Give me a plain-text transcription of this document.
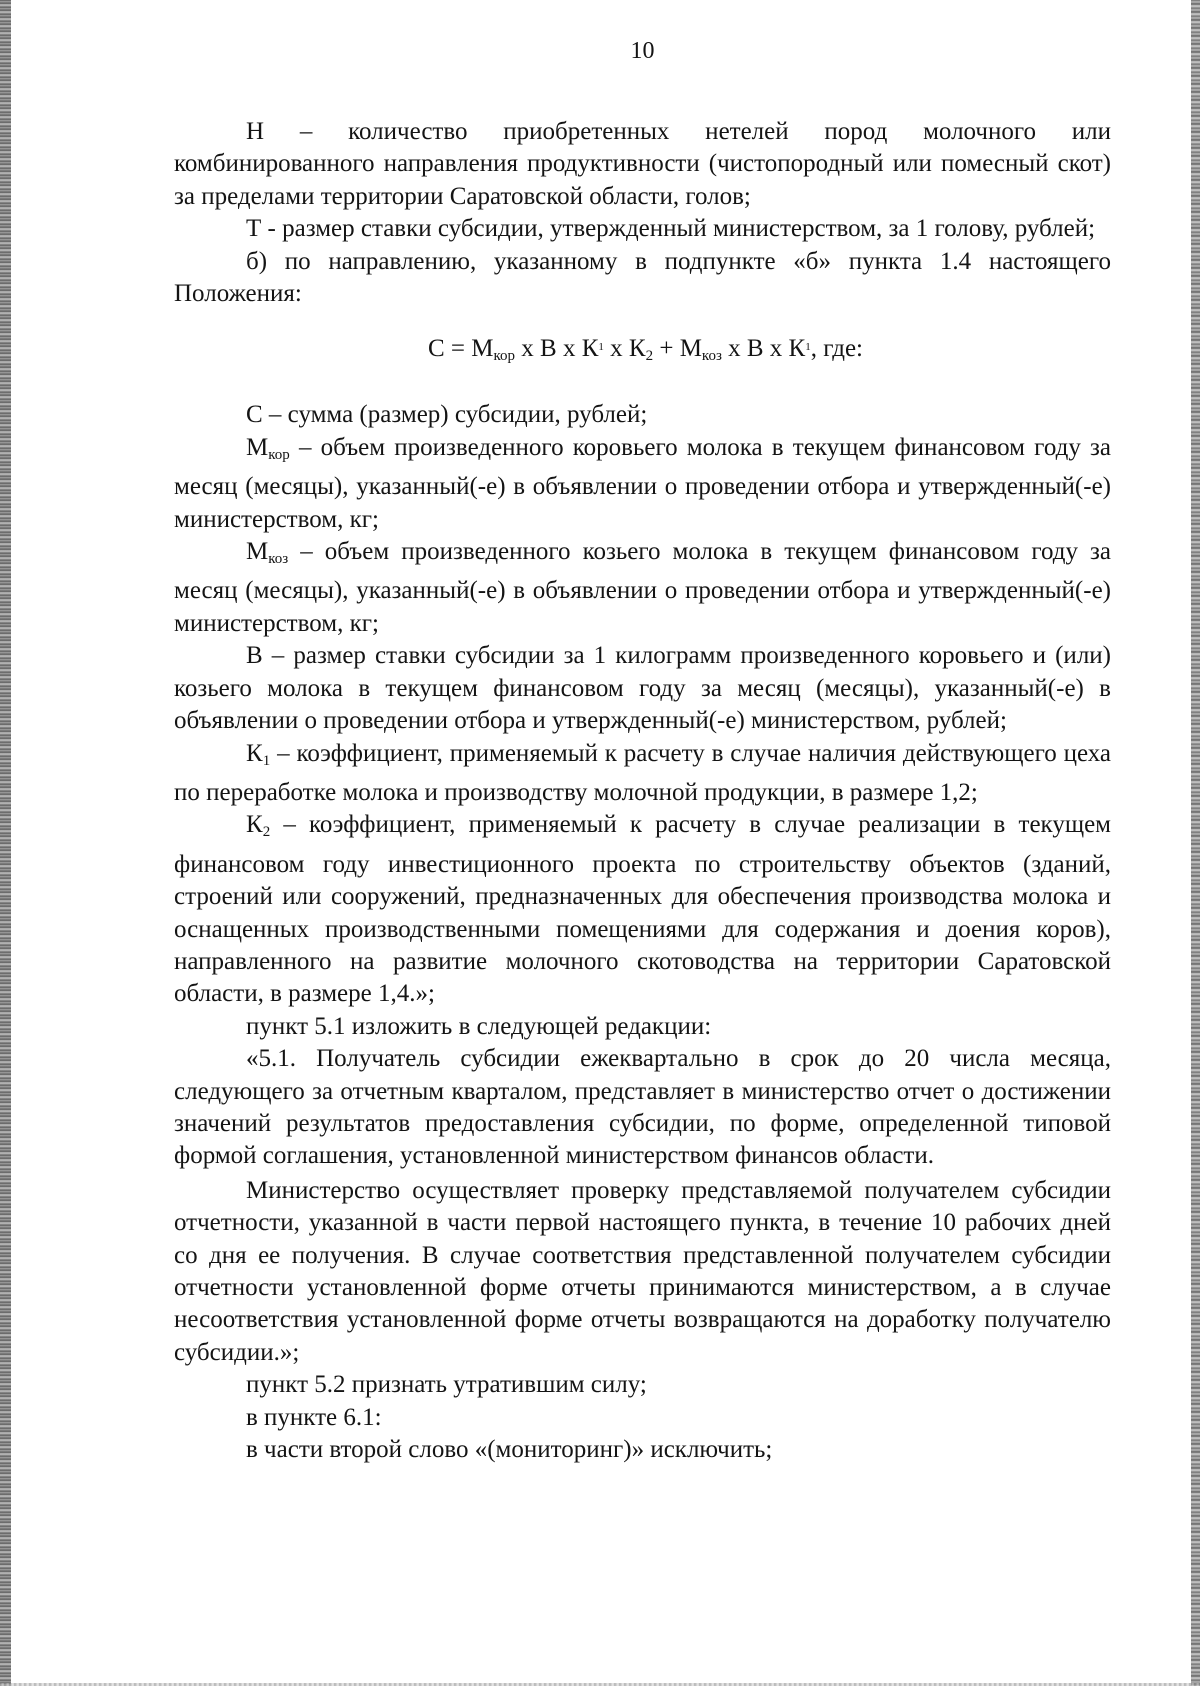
10

Н – количество приобретенных нетелей пород молочного или комбинированного направления продуктивности (чистопородный или помесный скот) за пределами территории Саратовской области, голов;

Т - размер ставки субсидии, утвержденный министерством, за 1 голову, рублей;

б) по направлению, указанному в подпункте «б» пункта 1.4 настоящего Положения:

С = Мкор х В х $К^1$ х К2 + Мкоз х В х $К^1$, где:

С – сумма (размер) субсидии, рублей;

Мкор – объем произведенного коровьего молока в текущем финансовом году за месяц (месяцы), указанный(-е) в объявлении о проведении отбора и утвержденный(-е) министерством, кг;

Мкоз – объем произведенного козьего молока в текущем финансовом году за месяц (месяцы), указанный(-е) в объявлении о проведении отбора и утвержденный(-е) министерством, кг;

В – размер ставки субсидии за 1 килограмм произведенного коровьего и (или) козьего молока в текущем финансовом году за месяц (месяцы), указанный(-е) в объявлении о проведении отбора и утвержденный(-е) министерством, рублей;

К1 – коэффициент, применяемый к расчету в случае наличия действующего цеха по переработке молока и производству молочной продукции, в размере 1,2;

К2 – коэффициент, применяемый к расчету в случае реализации в текущем финансовом году инвестиционного проекта по строительству объектов (зданий, строений или сооружений, предназначенных для обеспечения производства молока и оснащенных производственными помещениями для содержания и доения коров), направленного на развитие молочного скотоводства на территории Саратовской области, в размере 1,4.»;

пункт 5.1 изложить в следующей редакции:

«5.1. Получатель субсидии ежеквартально в срок до 20 числа месяца, следующего за отчетным кварталом, представляет в министерство отчет о достижении значений результатов предоставления субсидии, по форме, определенной типовой формой соглашения, установленной министерством финансов области.

Министерство осуществляет проверку представляемой получателем субсидии отчетности, указанной в части первой настоящего пункта, в течение 10 рабочих дней со дня ее получения. В случае соответствия представленной получателем субсидии отчетности установленной форме отчеты принимаются министерством, а в случае несоответствия установленной форме отчеты возвращаются на доработку получателю субсидии.»;

пункт 5.2 признать утратившим силу;

в пункте 6.1:

в части второй слово «(мониторинг)» исключить;
